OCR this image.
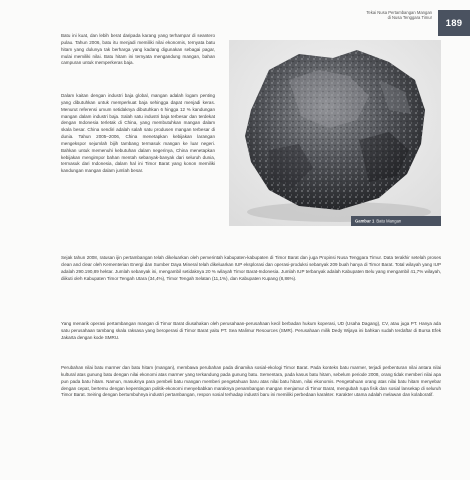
Tekai Nusa Pertambangan Mangan
di Nusa Tenggara Timur	189

Batu ini kuat, dan lebih berat daripada karang yang terhampar di seantero pulau. Tahun 2006, batu itu menjadi memiliki nilai ekonomis, ternyata batu hitam yang dulunya tak berharga yang kadang digunakan sebagai pagar, mulai memiliki nilai. Batu hitam ini ternyata mengandung mangan, bahan campuran untuk memperkeras baja.

Dalam kaitan dengan industri baja global, mangan adalah logam penting yang dibutuhkan untuk memperkuat baja sehingga dapat menjadi keras. Menurut referensi umum setidaknya dibutuhkan 6 hingga 12 % kandungan mangan dalam industri baja. Salah satu industri baja terbesar dan terdekat dengan Indonesia terletak di China, yang membutuhkan mangan dalam skala besar. China sendiri adalah salah satu produsen mangan terbesar di dunia. Tahun 2005–2006, China menetapkan kebijakan larangan mengekspor sejumlah bijih tambang termasuk mangan ke luar negeri. Bahkan untuk memenuhi kebutuhan dalam negerinya, China menetapkan kebijakan mengimpor bahan mentah sebanyak-banyak dari seluruh dunia, termasuk dari Indonesia, dalam hal ini Timor Barat yang konon memiliki kandungan mangan dalam jumlah besar.

Gambar 1 Batu Mangan

Sejak tahun 2008, ratusan ijin pertambangan telah dikeluarkan oleh pemerintah kabupaten-kabupaten di Timor Barat dan juga Propinsi Nusa Tenggara Timur. Data terakhir setelah proses clean and clear oleh Kementerian Energi dan Sumber Daya Mineral telah dikeluarkan IUP eksplorasi dan operasi-produksi sebanyak 209 buah hanya di Timor Barat. Total wilayah yang IUP adalah 290.190,89 hektar. Jumlah sebanyak ini, mengambil setidaknya 20 % wilayah Timor Barat-Indonesia. Jumlah IUP terbanyak adalah Kabupaten Belu yang mengambil 41,7% wilayah, diikuti oleh Kabupaten Timor Tengah Utara (34,4%), Timor Tengah Selatan (11,1%), dan Kabupaten Kupang (8,86%).

Yang menarik operasi pertambangan mangan di Timor Barat diusahakan oleh perusahaan-perusahaan kecil berbadan hukum koperasi, UD (Usaha Dagang), CV, atau juga PT. Hanya ada satu perusahaan tambang skala raksasa yang beroperasi di Timor Barat yaitu PT. Sea Malimur Resources (SMR). Perusahaan milik Dedy Wijaya ini bahkan sudah terdaftar di Bursa Efek Jakarta dengan kode SMRU.

Perubahan nilai batu marmer dan batu hitam (mangan), membawa perubahan pada dinamika sosial-ekologi Timor Barat. Pada konteks batu marmer, terjadi perbenturan nilai antara nilai kultural atas gunung batu dengan nilai ekonomi atas marmer yang terkandung pada gunung batu. Sementara, pada kasus batu hitam, sebelum periode 2008, orang tidak memberi nilai apa pun pada batu hitam. Namun, masuknya para pembeli batu mangan memberi pengetahuan baru atas nilai batu hitam, nilai ekonomis. Pengetahuan orang atas nilai batu hitam menyebar dengan cepat, bertemu dengan kepentingan politik-ekonomi menyebabkan maraknya penambangan mangan menjamur di Timor Barat, mengubah rupa fisik dan sosial lansekap di seluruh Timor Barat. Seiring dengan bertumbuhnya industri pertambangan, respon sosial terhadap industri baru ini memiliki perbedaan karakter. Karakter utama adalah melawan dan kolaboratif.
